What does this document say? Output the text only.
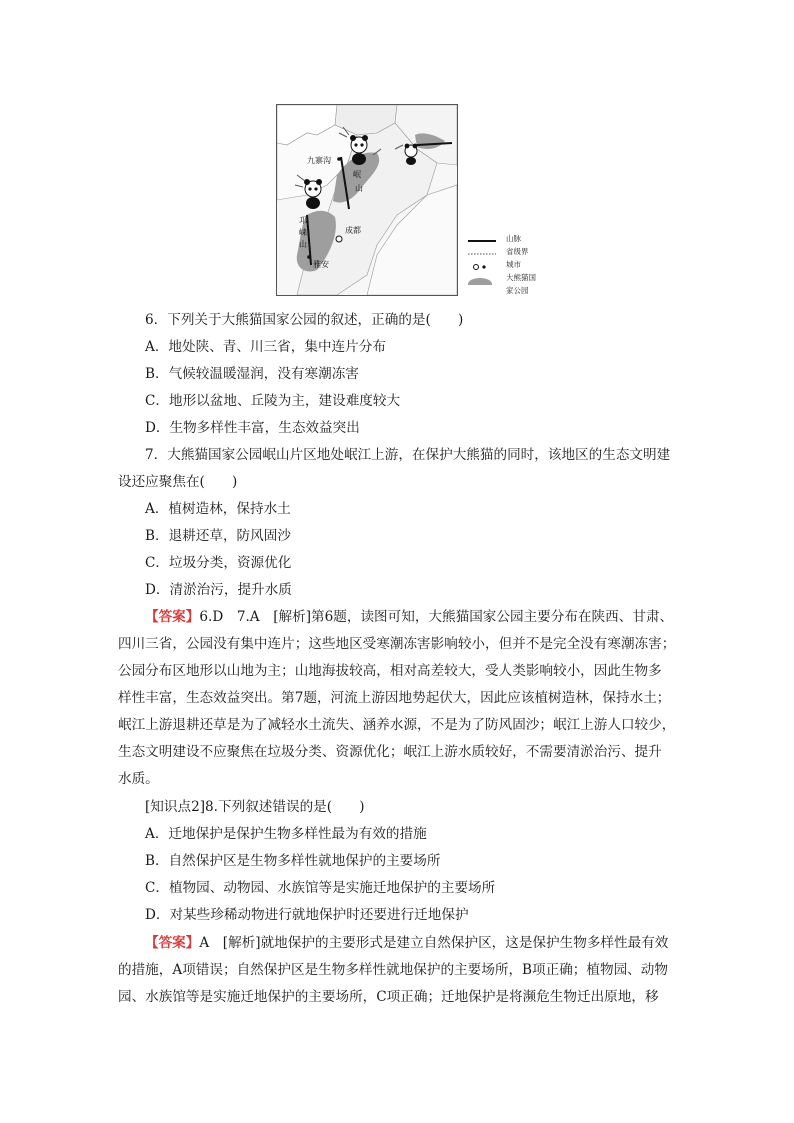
九寨沟
岷
山
邛
崃
山
成都
雅安
山脉
省级界
城市
大熊猫国
家公园
6．下列关于大熊猫国家公园的叙述，正确的是(　　)
A．地处陕、青、川三省，集中连片分布
B．气候较温暖湿润，没有寒潮冻害
C．地形以盆地、丘陵为主，建设难度较大
D．生物多样性丰富，生态效益突出
7．大熊猫国家公园岷山片区地处岷江上游，在保护大熊猫的同时，该地区的生态文明建
设还应聚焦在(　　)
A．植树造林，保持水土
B．退耕还草，防风固沙
C．垃圾分类，资源优化
D．清淤治污，提升水质
【答案】6.D　7.A　[解析]第6题，读图可知，大熊猫国家公园主要分布在陕西、甘肃、
四川三省，公园没有集中连片；这些地区受寒潮冻害影响较小，但并不是完全没有寒潮冻害；
公园分布区地形以山地为主；山地海拔较高，相对高差较大，受人类影响较小，因此生物多
样性丰富，生态效益突出。第7题，河流上游因地势起伏大，因此应该植树造林，保持水土；
岷江上游退耕还草是为了减轻水土流失、涵养水源，不是为了防风固沙；岷江上游人口较少，
生态文明建设不应聚焦在垃圾分类、资源优化；岷江上游水质较好，不需要清淤治污、提升
水质。
[知识点2]8.下列叙述错误的是(　　)
A．迁地保护是保护生物多样性最为有效的措施
B．自然保护区是生物多样性就地保护的主要场所
C．植物园、动物园、水族馆等是实施迁地保护的主要场所
D．对某些珍稀动物进行就地保护时还要进行迁地保护
【答案】A　[解析]就地保护的主要形式是建立自然保护区，这是保护生物多样性最有效
的措施，A项错误；自然保护区是生物多样性就地保护的主要场所，B项正确；植物园、动物
园、水族馆等是实施迁地保护的主要场所，C项正确；迁地保护是将濒危生物迁出原地，移
